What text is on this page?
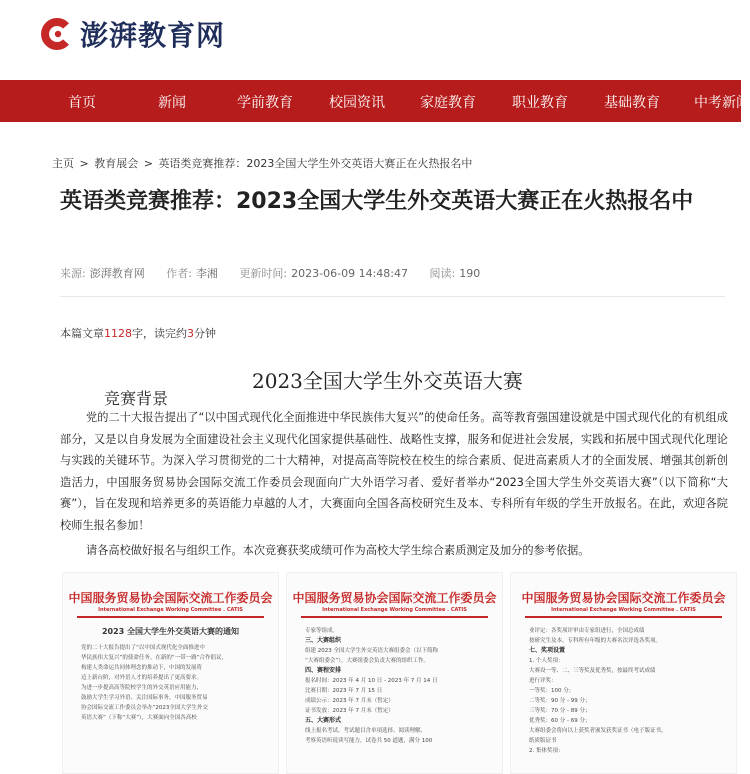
澎湃教育网
首页	新闻	学前教育	校园资讯	家庭教育	职业教育	基础教育 中考新闻
主页 > 教育展会 > 英语类竞赛推荐：2023全国大学生外交英语大赛正在火热报名中
英语类竞赛推荐：2023全国大学生外交英语大赛正在火热报名中
来源: 澎湃教育网 作者: 李湘 更新时间: 2023-06-09 14:48:47 阅读: 190
本篇文章1128字，读完约3分钟
2023全国大学生外交英语大赛
竞赛背景

党的二十大报告提出了“以中国式现代化全面推进中华民族伟大复兴”的使命任务。高等教育强国建设就是中国式现代化的有机组成部分，又是以自身发展为全面建设社会主义现代化国家提供基础性、战略性支撑，服务和促进社会发展，实践和拓展中国式现代化理论与实践的关键环节。为深入学习贯彻党的二十大精神，对提高高等院校在校生的综合素质、促进高素质人才的全面发展、增强其创新创造活力，中国服务贸易协会国际交流工作委员会现面向广大外语学习者、爱好者举办“2023全国大学生外交英语大赛”（以下简称“大赛”），旨在发现和培养更多的英语能力卓越的人才，大赛面向全国各高校研究生及本、专科所有年级的学生开放报名。在此，欢迎各院校师生报名参加！

请各高校做好报名与组织工作。本次竞赛获奖成绩可作为高校大学生综合素质测定及加分的参考依据。

中国服务贸易协会国际交流工作委员会
International Exchange Working Committee . CATIS
2023 全国大学生外交英语大赛的通知
党的二十大报告提出了“以中国式现代化全面推进中
华民族伟大复兴”的使命任务。在新的“一带一路”合作倡议，
构建人类命运共同体理念的推动下，中国的发展将
迈上新台阶，对外语人才的培养提出了更高要求。
为进一步提高高等院校学生的外交英语应用能力，
鼓励大学生学习外语、关注国际事务，中国服务贸易
协会国际交流工作委员会举办“2023全国大学生外交
英语大赛”（下称“大赛”），大赛面向全国各高校
中国服务贸易协会国际交流工作委员会
International Exchange Working Committee . CATIS
专家等组成。
三、大赛组织
组建 2023 全国大学生外交英语大赛组委会（以下简称
“大赛组委会”），大赛组委会负责大赛的组织工作。
四、赛程安排
报名时间：2023 年 4 月 10 日 - 2023 年 7 月 14 日
比赛日期：2023 年 7 月 15 日
成绩公示：2023 年 7 月末（暂定）
证书发放：2023 年 7 月末（暂定）
五、大赛形式
线上报名考试。考试题目含单项选择、阅读理解、
考察英语听说读写能力，试卷共 50 道题，满分 100
中国服务贸易协会国际交流工作委员会
International Exchange Working Committee . CATIS
业评定：各奖项评审由专家组进行，全国总成绩
按研究生及本、专科所有年级的大赛名次评选各奖项。
七、奖项设置
1. 个人奖项：
大赛设一等、二、三等奖及优秀奖，按最终考试成绩
进行评奖：
一等奖：100 分；
二等奖：90 分 - 99 分；
三等奖：70 分 - 89 分；
优秀奖：60 分 - 69 分；
大赛组委会将向以上获奖者颁发获奖证书（电子版证书，
纸质版证书
2. 集体奖项：
